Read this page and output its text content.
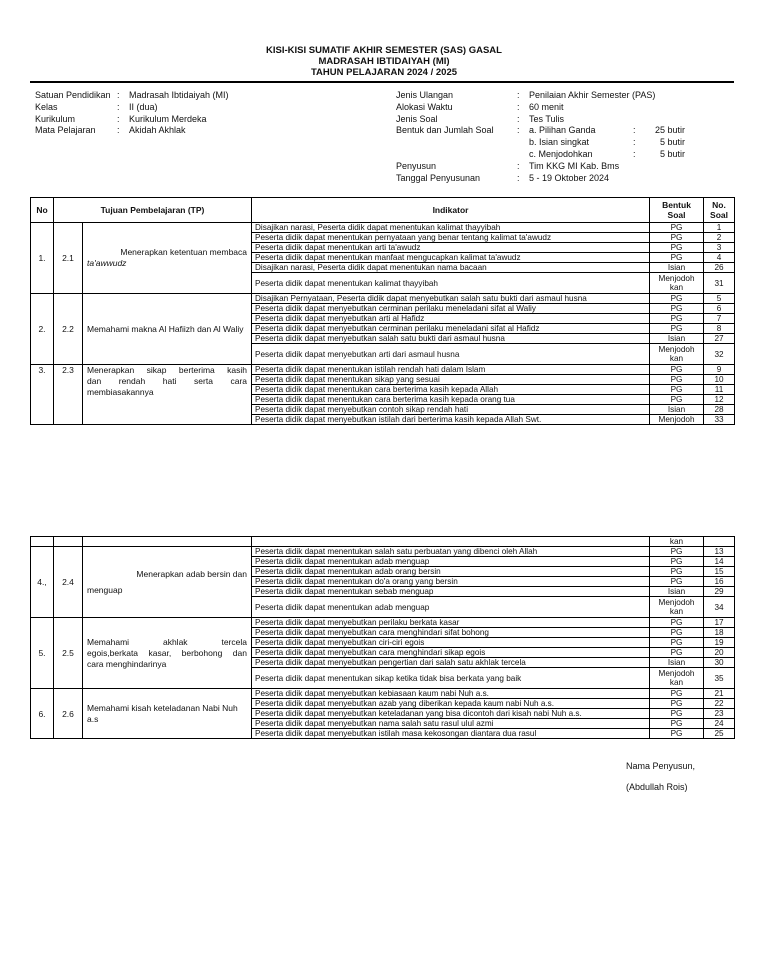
KISI-KISI SUMATIF AKHIR SEMESTER (SAS) GASAL
MADRASAH IBTIDAIYAH (MI)
TAHUN PELAJARAN 2024 / 2025
Satuan Pendidikan :	Madrasah Ibtidaiyah (MI)
Kelas	:	II (dua)
Kurikulum	:	Kurikulum Merdeka
Mata Pelajaran	:	Akidah Akhlak
Jenis Ulangan	:	Penilaian Akhir Semester (PAS)
Alokasi Waktu	:	60 menit
Jenis Soal	:	Tes Tulis
Bentuk dan Jumlah Soal	:	a. Pilihan Ganda	:	25 butir
b. Isian singkat	:	5 butir
c. Menjodohkan	:	5 butir
Penyusun	:	Tim KKG MI Kab. Bms
Tanggal Penyusunan	:	5 - 19 Oktober 2024
No	Tujuan Pembelajaran (TP)		Indikator	Bentuk Soal	No. Soal
1.	2.1	Menerapkan ketentuan membaca
ta'awwudz	Disajikan narasi, Peserta didik dapat menentukan kalimat thayyibah	PG	1
			Peserta didik dapat menentukan pernyataan yang benar tentang kalimat ta'awudz	PG	2
			Peserta didik dapat menentukan arti ta'awudz	PG	3
			Peserta didik dapat menentukan manfaat mengucapkan kalimat ta'awudz	PG	4
			Disajikan narasi, Peserta didik dapat menentukan nama bacaan	Isian	26
			Peserta didik dapat menentukan kalimat thayyibah	Menjodoh kan	31
2.	2.2	Memahami makna Al Hafiizh dan Al Waliy	Disajikan Pernyataan, Peserta didik dapat menyebutkan salah satu bukti dari asmaul husna	PG	5
			Peserta didik dapat menyebutkan cerminan perilaku meneladani sifat al Waliy	PG	6
			Peserta didik dapat menyebutkan arti al Hafidz	PG	7
			Peserta didik dapat menyebutkan cerminan perilaku meneladani sifat al Hafidz	PG	8
			Peserta didik dapat menyebutkan salah satu bukti dari asmaul husna	Isian	27
			Peserta didik dapat menyebutkan arti dari asmaul husna	Menjodoh kan	32
3.	2.3	Menerapkan sikap berterima kasih
dan rendah hati serta cara
membiasakannya	Peserta didik dapat menentukan istilah rendah hati dalam Islam	PG	9
			Peserta didik dapat menentukan sikap yang sesuai	PG	10
			Peserta didik dapat menentukan cara berterima kasih kepada Allah	PG	11
			Peserta didik dapat menentukan cara berterima kasih kepada orang tua	PG	12
			Peserta didik dapat menyebutkan contoh sikap rendah hati	Isian	28
			Peserta didik dapat menyebutkan istilah dari berterima kasih kepada Allah Swt.	Menjodoh	33
				kan	
4.,	2.4	Menerapkan adab bersin dan
menguap	Peserta didik dapat menentukan salah satu perbuatan yang dibenci oleh Allah	PG	13
			Peserta didik dapat menentukan adab menguap	PG	14
			Peserta didik dapat menentukan adab orang bersin	PG	15
			Peserta didik dapat menentukan do'a orang yang bersin	PG	16
			Peserta didik dapat menentukan sebab menguap	Isian	29
			Peserta didik dapat menentukan adab menguap	Menjodoh kan	34
5.	2.5	Memahami akhlak tercela
egois,berkata kasar, berbohong dan
cara menghindarinya	Peserta didik dapat menyebutkan perilaku berkata kasar	PG	17
			Peserta didik dapat menyebutkan cara menghindari sifat bohong	PG	18
			Peserta didik dapat menyebutkan ciri-ciri egois	PG	19
			Peserta didik dapat menyebutkan cara menghindari sikap egois	PG	20
			Peserta didik dapat menyebutkan pengertian dari salah satu akhlak tercela	Isian	30
			Peserta didik dapat menentukan sikap ketika tidak bisa berkata yang baik	Menjodoh kan	35
6.	2.6	Memahami kisah keteladanan Nabi Nuh a.s	Peserta didik dapat menyebutkan kebiasaan kaum nabi Nuh a.s.	PG	21
			Peserta didik dapat menyebutkan azab yang diberikan kepada kaum nabi Nuh a.s.	PG	22
			Peserta didik dapat menyebutkan keteladanan yang bisa dicontoh dari kisah nabi Nuh a.s.	PG	23
			Peserta didik dapat menyebutkan nama salah satu rasul ulul azmi	PG	24
			Peserta didik dapat menyebutkan istilah masa kekosongan diantara dua rasul	PG	25
Nama Penyusun,
(Abdullah Rois)
